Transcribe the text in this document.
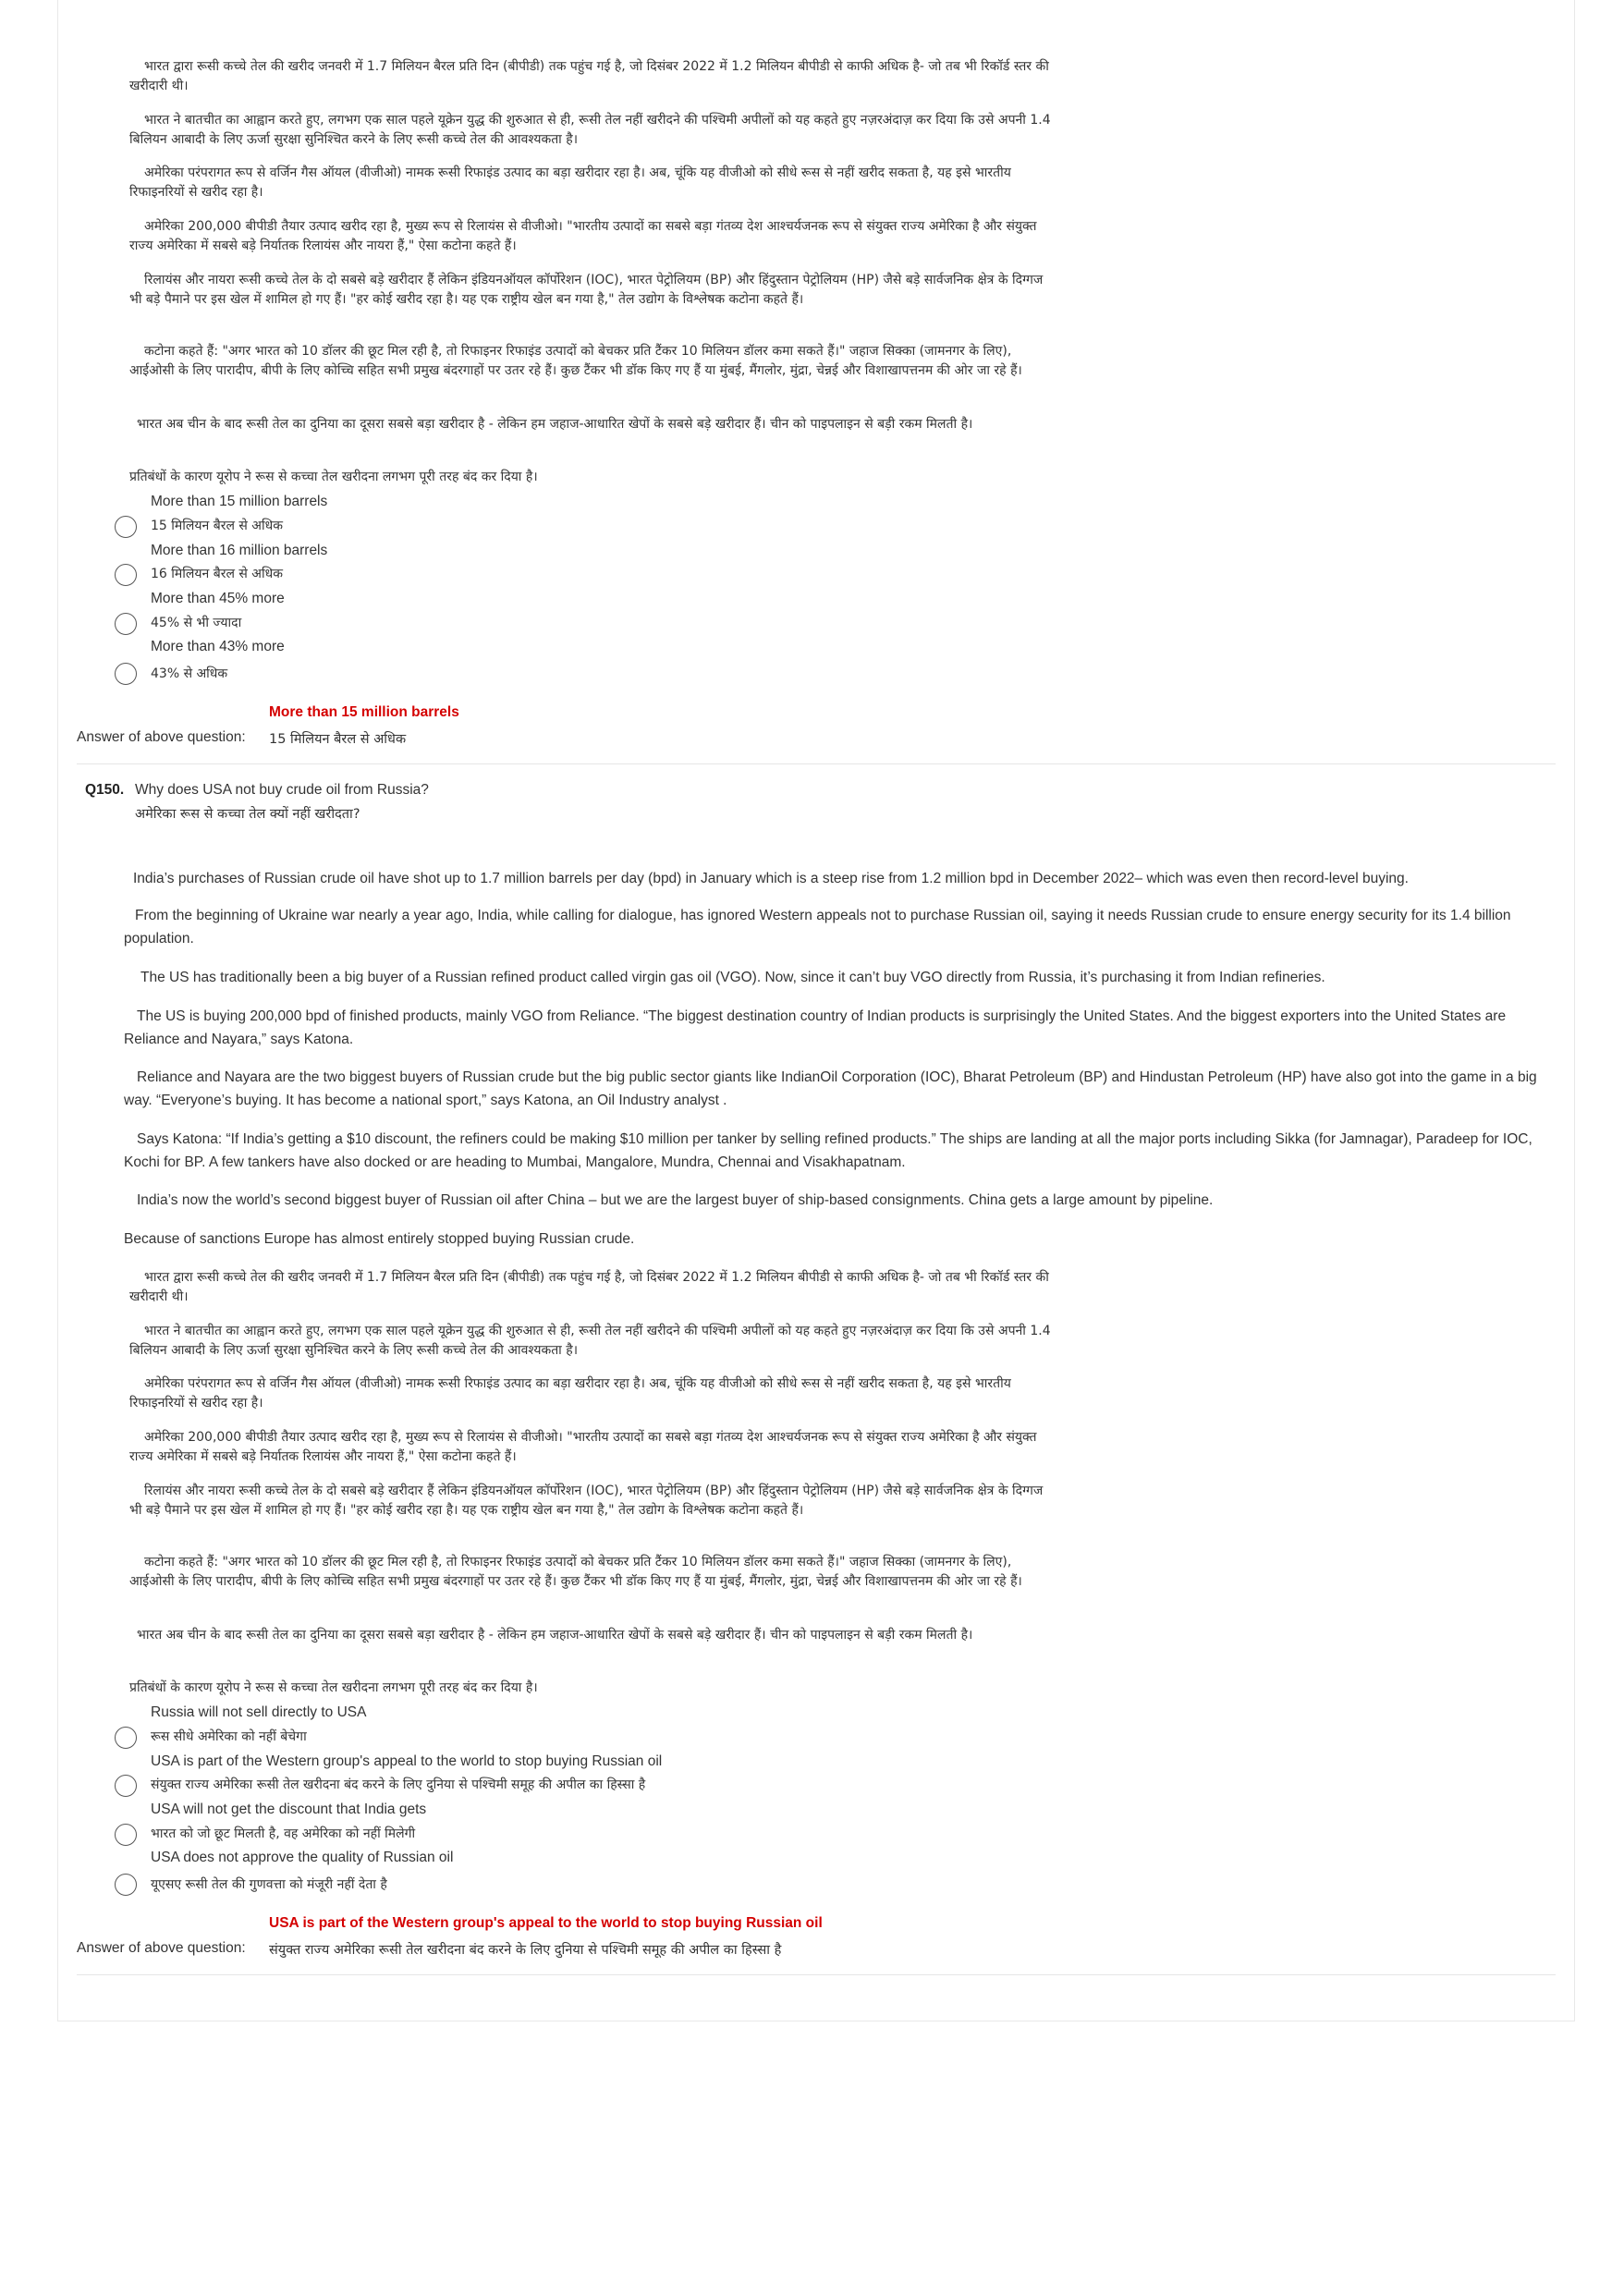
भारत द्वारा रूसी कच्चे तेल की खरीद जनवरी में 1.7 मिलियन बैरल प्रति दिन (बीपीडी) तक पहुंच गई है, जो दिसंबर 2022 में 1.2 मिलियन बीपीडी से काफी अधिक है- जो तब भी रिकॉर्ड स्तर की खरीदारी थी।

भारत ने बातचीत का आह्वान करते हुए, लगभग एक साल पहले यूक्रेन युद्ध की शुरुआत से ही, रूसी तेल नहीं खरीदने की पश्चिमी अपीलों को यह कहते हुए नज़रअंदाज़ कर दिया कि उसे अपनी 1.4 बिलियन आबादी के लिए ऊर्जा सुरक्षा सुनिश्चित करने के लिए रूसी कच्चे तेल की आवश्यकता है।

अमेरिका परंपरागत रूप से वर्जिन गैस ऑयल (वीजीओ) नामक रूसी रिफाइंड उत्पाद का बड़ा खरीदार रहा है। अब, चूंकि यह वीजीओ को सीधे रूस से नहीं खरीद सकता है, यह इसे भारतीय रिफाइनरियों से खरीद रहा है।

अमेरिका 200,000 बीपीडी तैयार उत्पाद खरीद रहा है, मुख्य रूप से रिलायंस से वीजीओ। "भारतीय उत्पादों का सबसे बड़ा गंतव्य देश आश्चर्यजनक रूप से संयुक्त राज्य अमेरिका है और संयुक्त राज्य अमेरिका में सबसे बड़े निर्यातक रिलायंस और नायरा हैं," ऐसा कटोना कहते हैं।

रिलायंस और नायरा रूसी कच्चे तेल के दो सबसे बड़े खरीदार हैं लेकिन इंडियनऑयल कॉर्पोरेशन (IOC), भारत पेट्रोलियम (BP) और हिंदुस्तान पेट्रोलियम (HP) जैसे बड़े सार्वजनिक क्षेत्र के दिग्गज भी बड़े पैमाने पर इस खेल में शामिल हो गए हैं। "हर कोई खरीद रहा है। यह एक राष्ट्रीय खेल बन गया है," तेल उद्योग के विश्लेषक कटोना कहते हैं।

कटोना कहते हैं: "अगर भारत को 10 डॉलर की छूट मिल रही है, तो रिफाइनर रिफाइंड उत्पादों को बेचकर प्रति टैंकर 10 मिलियन डॉलर कमा सकते हैं।" जहाज सिक्का (जामनगर के लिए), आईओसी के लिए पारादीप, बीपी के लिए कोच्चि सहित सभी प्रमुख बंदरगाहों पर उतर रहे हैं। कुछ टैंकर भी डॉक किए गए हैं या मुंबई, मैंगलोर, मुंद्रा, चेन्नई और विशाखापत्तनम की ओर जा रहे हैं।

भारत अब चीन के बाद रूसी तेल का दुनिया का दूसरा सबसे बड़ा खरीदार है - लेकिन हम जहाज-आधारित खेपों के सबसे बड़े खरीदार हैं। चीन को पाइपलाइन से बड़ी रकम मिलती है।

प्रतिबंधों के कारण यूरोप ने रूस से कच्चा तेल खरीदना लगभग पूरी तरह बंद कर दिया है।

More than 15 million barrels
15 मिलियन बैरल से अधिक
More than 16 million barrels
16 मिलियन बैरल से अधिक
More than 45% more
45% से भी ज्यादा
More than 43% more
43% से अधिक
More than 15 million barrels
Answer of above question: 15 मिलियन बैरल से अधिक
Q150. Why does USA not buy crude oil from Russia?
अमेरिका रूस से कच्चा तेल क्यों नहीं खरीदता?

India’s purchases of Russian crude oil have shot up to 1.7 million barrels per day (bpd) in January which is a steep rise from 1.2 million bpd in December 2022– which was even then record-level buying.

From the beginning of Ukraine war nearly a year ago, India, while calling for dialogue, has ignored Western appeals not to purchase Russian oil, saying it needs Russian crude to ensure energy security for its 1.4 billion population.

The US has traditionally been a big buyer of a Russian refined product called virgin gas oil (VGO). Now, since it can’t buy VGO directly from Russia, it’s purchasing it from Indian refineries.

The US is buying 200,000 bpd of finished products, mainly VGO from Reliance. “The biggest destination country of Indian products is surprisingly the United States. And the biggest exporters into the United States are Reliance and Nayara,” says Katona.

Reliance and Nayara are the two biggest buyers of Russian crude but the big public sector giants like IndianOil Corporation (IOC), Bharat Petroleum (BP) and Hindustan Petroleum (HP) have also got into the game in a big way. “Everyone’s buying. It has become a national sport,” says Katona, an Oil Industry analyst .

Says Katona: “If India’s getting a $10 discount, the refiners could be making $10 million per tanker by selling refined products.” The ships are landing at all the major ports including Sikka (for Jamnagar), Paradeep for IOC, Kochi for BP. A few tankers have also docked or are heading to Mumbai, Mangalore, Mundra, Chennai and Visakhapatnam.

India’s now the world’s second biggest buyer of Russian oil after China – but we are the largest buyer of ship-based consignments. China gets a large amount by pipeline.

Because of sanctions Europe has almost entirely stopped buying Russian crude.

भारत द्वारा रूसी कच्चे तेल की खरीद जनवरी में 1.7 मिलियन बैरल प्रति दिन (बीपीडी) तक पहुंच गई है, जो दिसंबर 2022 में 1.2 मिलियन बीपीडी से काफी अधिक है- जो तब भी रिकॉर्ड स्तर की खरीदारी थी।

भारत ने बातचीत का आह्वान करते हुए, लगभग एक साल पहले यूक्रेन युद्ध की शुरुआत से ही, रूसी तेल नहीं खरीदने की पश्चिमी अपीलों को यह कहते हुए नज़रअंदाज़ कर दिया कि उसे अपनी 1.4 बिलियन आबादी के लिए ऊर्जा सुरक्षा सुनिश्चित करने के लिए रूसी कच्चे तेल की आवश्यकता है।

अमेरिका परंपरागत रूप से वर्जिन गैस ऑयल (वीजीओ) नामक रूसी रिफाइंड उत्पाद का बड़ा खरीदार रहा है। अब, चूंकि यह वीजीओ को सीधे रूस से नहीं खरीद सकता है, यह इसे भारतीय रिफाइनरियों से खरीद रहा है।

अमेरिका 200,000 बीपीडी तैयार उत्पाद खरीद रहा है, मुख्य रूप से रिलायंस से वीजीओ। "भारतीय उत्पादों का सबसे बड़ा गंतव्य देश आश्चर्यजनक रूप से संयुक्त राज्य अमेरिका है और संयुक्त राज्य अमेरिका में सबसे बड़े निर्यातक रिलायंस और नायरा हैं," ऐसा कटोना कहते हैं।

रिलायंस और नायरा रूसी कच्चे तेल के दो सबसे बड़े खरीदार हैं लेकिन इंडियनऑयल कॉर्पोरेशन (IOC), भारत पेट्रोलियम (BP) और हिंदुस्तान पेट्रोलियम (HP) जैसे बड़े सार्वजनिक क्षेत्र के दिग्गज भी बड़े पैमाने पर इस खेल में शामिल हो गए हैं। "हर कोई खरीद रहा है। यह एक राष्ट्रीय खेल बन गया है," तेल उद्योग के विश्लेषक कटोना कहते हैं।

कटोना कहते हैं: "अगर भारत को 10 डॉलर की छूट मिल रही है, तो रिफाइनर रिफाइंड उत्पादों को बेचकर प्रति टैंकर 10 मिलियन डॉलर कमा सकते हैं।" जहाज सिक्का (जामनगर के लिए), आईओसी के लिए पारादीप, बीपी के लिए कोच्चि सहित सभी प्रमुख बंदरगाहों पर उतर रहे हैं। कुछ टैंकर भी डॉक किए गए हैं या मुंबई, मैंगलोर, मुंद्रा, चेन्नई और विशाखापत्तनम की ओर जा रहे हैं।

भारत अब चीन के बाद रूसी तेल का दुनिया का दूसरा सबसे बड़ा खरीदार है - लेकिन हम जहाज-आधारित खेपों के सबसे बड़े खरीदार हैं। चीन को पाइपलाइन से बड़ी रकम मिलती है।

प्रतिबंधों के कारण यूरोप ने रूस से कच्चा तेल खरीदना लगभग पूरी तरह बंद कर दिया है।

Russia will not sell directly to USA
रूस सीधे अमेरिका को नहीं बेचेगा
USA is part of the Western group's appeal to the world to stop buying Russian oil
संयुक्त राज्य अमेरिका रूसी तेल खरीदना बंद करने के लिए दुनिया से पश्चिमी समूह की अपील का हिस्सा है
USA will not get the discount that India gets
भारत को जो छूट मिलती है, वह अमेरिका को नहीं मिलेगी
USA does not approve the quality of Russian oil
यूएसए रूसी तेल की गुणवत्ता को मंजूरी नहीं देता है
USA is part of the Western group's appeal to the world to stop buying Russian oil
Answer of above question: संयुक्त राज्य अमेरिका रूसी तेल खरीदना बंद करने के लिए दुनिया से पश्चिमी समूह की अपील का हिस्सा है
